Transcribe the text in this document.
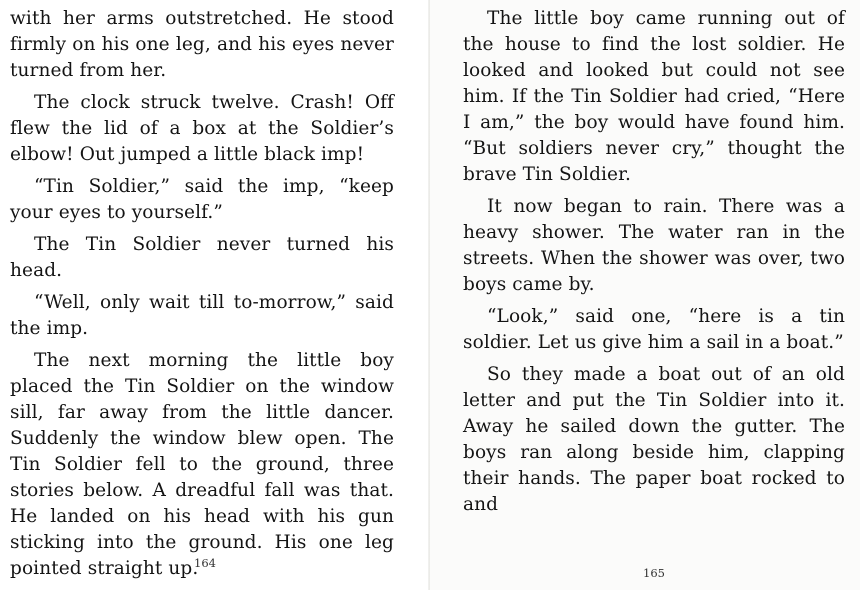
with her arms outstretched. He stood firmly on his one leg, and his eyes never turned from her.

The clock struck twelve. Crash! Off flew the lid of a box at the Soldier’s elbow! Out jumped a little black imp!

“Tin Soldier,” said the imp, “keep your eyes to yourself.”

The Tin Soldier never turned his head.

“Well, only wait till to-morrow,” said the imp.

The next morning the little boy placed the Tin Soldier on the window sill, far away from the little dancer. Suddenly the window blew open. The Tin Soldier fell to the ground, three stories below. A dreadful fall was that. He landed on his head with his gun sticking into the ground. His one leg pointed straight up.

164

The little boy came running out of the house to find the lost soldier. He looked and looked but could not see him. If the Tin Soldier had cried, “Here I am,” the boy would have found him. “But soldiers never cry,” thought the brave Tin Soldier.

It now began to rain. There was a heavy shower. The water ran in the streets. When the shower was over, two boys came by.

“Look,” said one, “here is a tin soldier. Let us give him a sail in a boat.”

So they made a boat out of an old letter and put the Tin Soldier into it. Away he sailed down the gutter. The boys ran along beside him, clapping their hands. The paper boat rocked to and

165
